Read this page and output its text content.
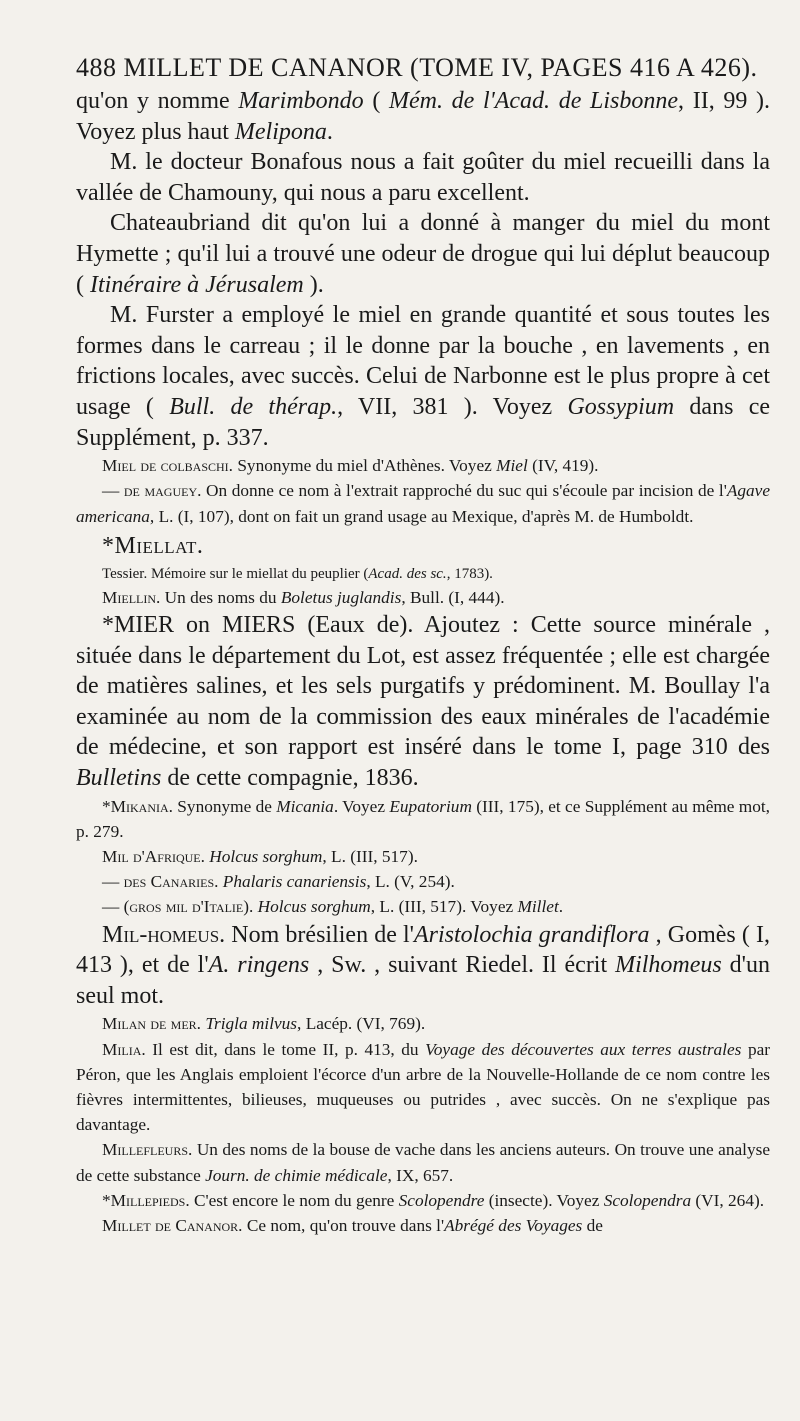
488 MILLET DE CANANOR (TOME IV, PAGES 416 A 426).

qu'on y nomme Marimbondo ( Mém. de l'Acad. de Lisbonne, II, 99 ). Voyez plus haut Melipona.

M. le docteur Bonafous nous a fait goûter du miel recueilli dans la vallée de Chamouny, qui nous a paru excellent.

Chateaubriand dit qu'on lui a donné à manger du miel du mont Hymette ; qu'il lui a trouvé une odeur de drogue qui lui déplut beaucoup ( Itinéraire à Jérusalem ).

M. Furster a employé le miel en grande quantité et sous toutes les formes dans le carreau ; il le donne par la bouche , en lavements , en frictions locales, avec succès. Celui de Narbonne est le plus propre à cet usage ( Bull. de thérap., VII, 381 ). Voyez Gossypium dans ce Supplément, p. 337.

Miel de colbaschi. Synonyme du miel d'Athènes. Voyez Miel (IV, 419).

— de maguey. On donne ce nom à l'extrait rapproché du suc qui s'écoule par incision de l'Agave americana, L. (I, 107), dont on fait un grand usage au Mexique, d'après M. de Humboldt.

*Miellat.

Tessier. Mémoire sur le miellat du peuplier (Acad. des sc., 1783).

Miellin. Un des noms du Boletus juglandis, Bull. (I, 444).

*MIER on MIERS (Eaux de). Ajoutez : Cette source minérale , située dans le département du Lot, est assez fréquentée ; elle est chargée de matières salines, et les sels purgatifs y prédominent. M. Boullay l'a examinée au nom de la commission des eaux minérales de l'académie de médecine, et son rapport est inséré dans le tome I, page 310 des Bulletins de cette compagnie, 1836.

*Mikania. Synonyme de Micania. Voyez Eupatorium (III, 175), et ce Supplément au même mot, p. 279.

Mil d'Afrique. Holcus sorghum, L. (III, 517).

— des Canaries. Phalaris canariensis, L. (V, 254).

— (gros mil d'Italie). Holcus sorghum, L. (III, 517). Voyez Millet.

Mil-homeus. Nom brésilien de l'Aristolochia grandiflora , Gomès ( I, 413 ), et de l'A. ringens , Sw. , suivant Riedel. Il écrit Milhomeus d'un seul mot.

Milan de mer. Trigla milvus, Lacép. (VI, 769).

Milia. Il est dit, dans le tome II, p. 413, du Voyage des découvertes aux terres australes par Péron, que les Anglais emploient l'écorce d'un arbre de la Nouvelle-Hollande de ce nom contre les fièvres intermittentes, bilieuses, muqueuses ou putrides , avec succès. On ne s'explique pas davantage.

Millefleurs. Un des noms de la bouse de vache dans les anciens auteurs. On trouve une analyse de cette substance Journ. de chimie médicale, IX, 657.

*Millepieds. C'est encore le nom du genre Scolopendre (insecte). Voyez Scolopendra (VI, 264).

Millet de Cananor. Ce nom, qu'on trouve dans l'Abrégé des Voyages de
